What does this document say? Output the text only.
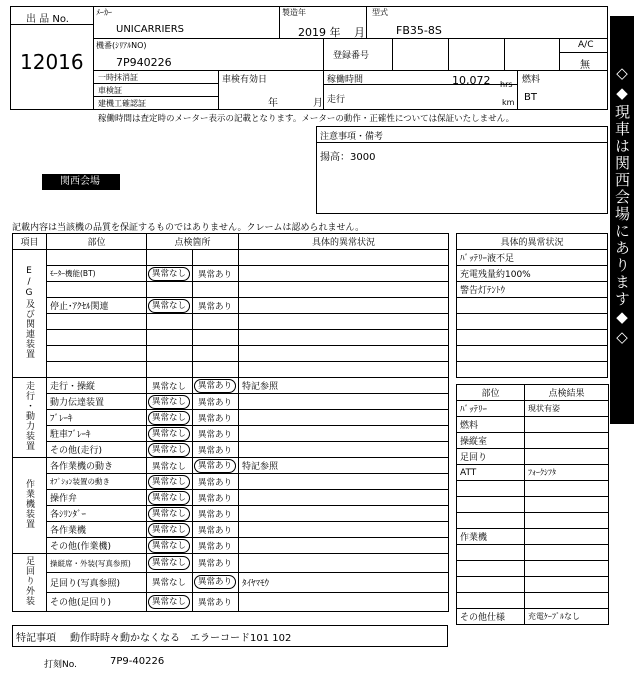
出 品 No.
12016
ﾒｰｶｰ
UNICARRIERS
製造年
2019 年 月
型式
FB35-8S
機番(ｼﾘｱﾙNO)
7P940226	登録番号
A/C
無
一時抹消証
車検証
建機工確認証
車検有効日
年	月
稼働時間	10,072 hrs
走行	km
燃料
BT
稼働時間は査定時のメーター表示の記載となります。メーターの動作・正確性については保証いたしません。
注意事項・備考
揚高：3000
関西会場
記載内容は当該機の品質を保証するものではありません。クレームは認められません。	◇◆現車は関西会場にあります◆◇
項目	部位	点検箇所		具体的異常状況
E/G及び関連装置				
	ﾓｰﾀｰ機能(BT)	異常なし	異常あり	

	停止･ｱｸｾﾙ関連	異常なし	異常あり	

走行・動力装置	走行・操縦	異常なし	異常あり	特記参照
	動力伝達装置	異常なし	異常あり	
	ﾌﾞﾚｰｷ	異常なし	異常あり	
	駐車ﾌﾞﾚｰｷ	異常なし	異常あり	
	その他(走行)	異常なし	異常あり	
作業機装置	各作業機の動き	異常なし	異常あり	特記参照
	ｵﾌﾟｼｮﾝ装置の動き	異常なし	異常あり	
	操作弁	異常なし	異常あり	
	各ｼﾘﾝﾀﾞｰ	異常なし	異常あり	
	各作業機	異常なし	異常あり	
	その他(作業機)	異常なし	異常あり	
足回り外装	操縦席・外装(写真参照)	異常なし	異常あり	
	足回り(写真参照)	異常なし	異常あり	ﾀｲﾔﾏﾓｳ
	その他(足回り)	異常なし	異常あり	
具体的異常状況
ﾊﾞｯﾃﾘｰ液不足
充電残量約100%
警告灯ﾃﾝﾄｳ

部位	点検結果
ﾊﾞｯﾃﾘｰ	現状有姿
燃料	
操縦室	
足回り	
ATT	ﾌｫｰｸｼﾌﾀ

作業機	

その他仕様	充電ｹｰﾌﾞﾙなし
特記事項 動作時時々動かなくなる　エラーコード101 102
打刻No.	7P9-40226
